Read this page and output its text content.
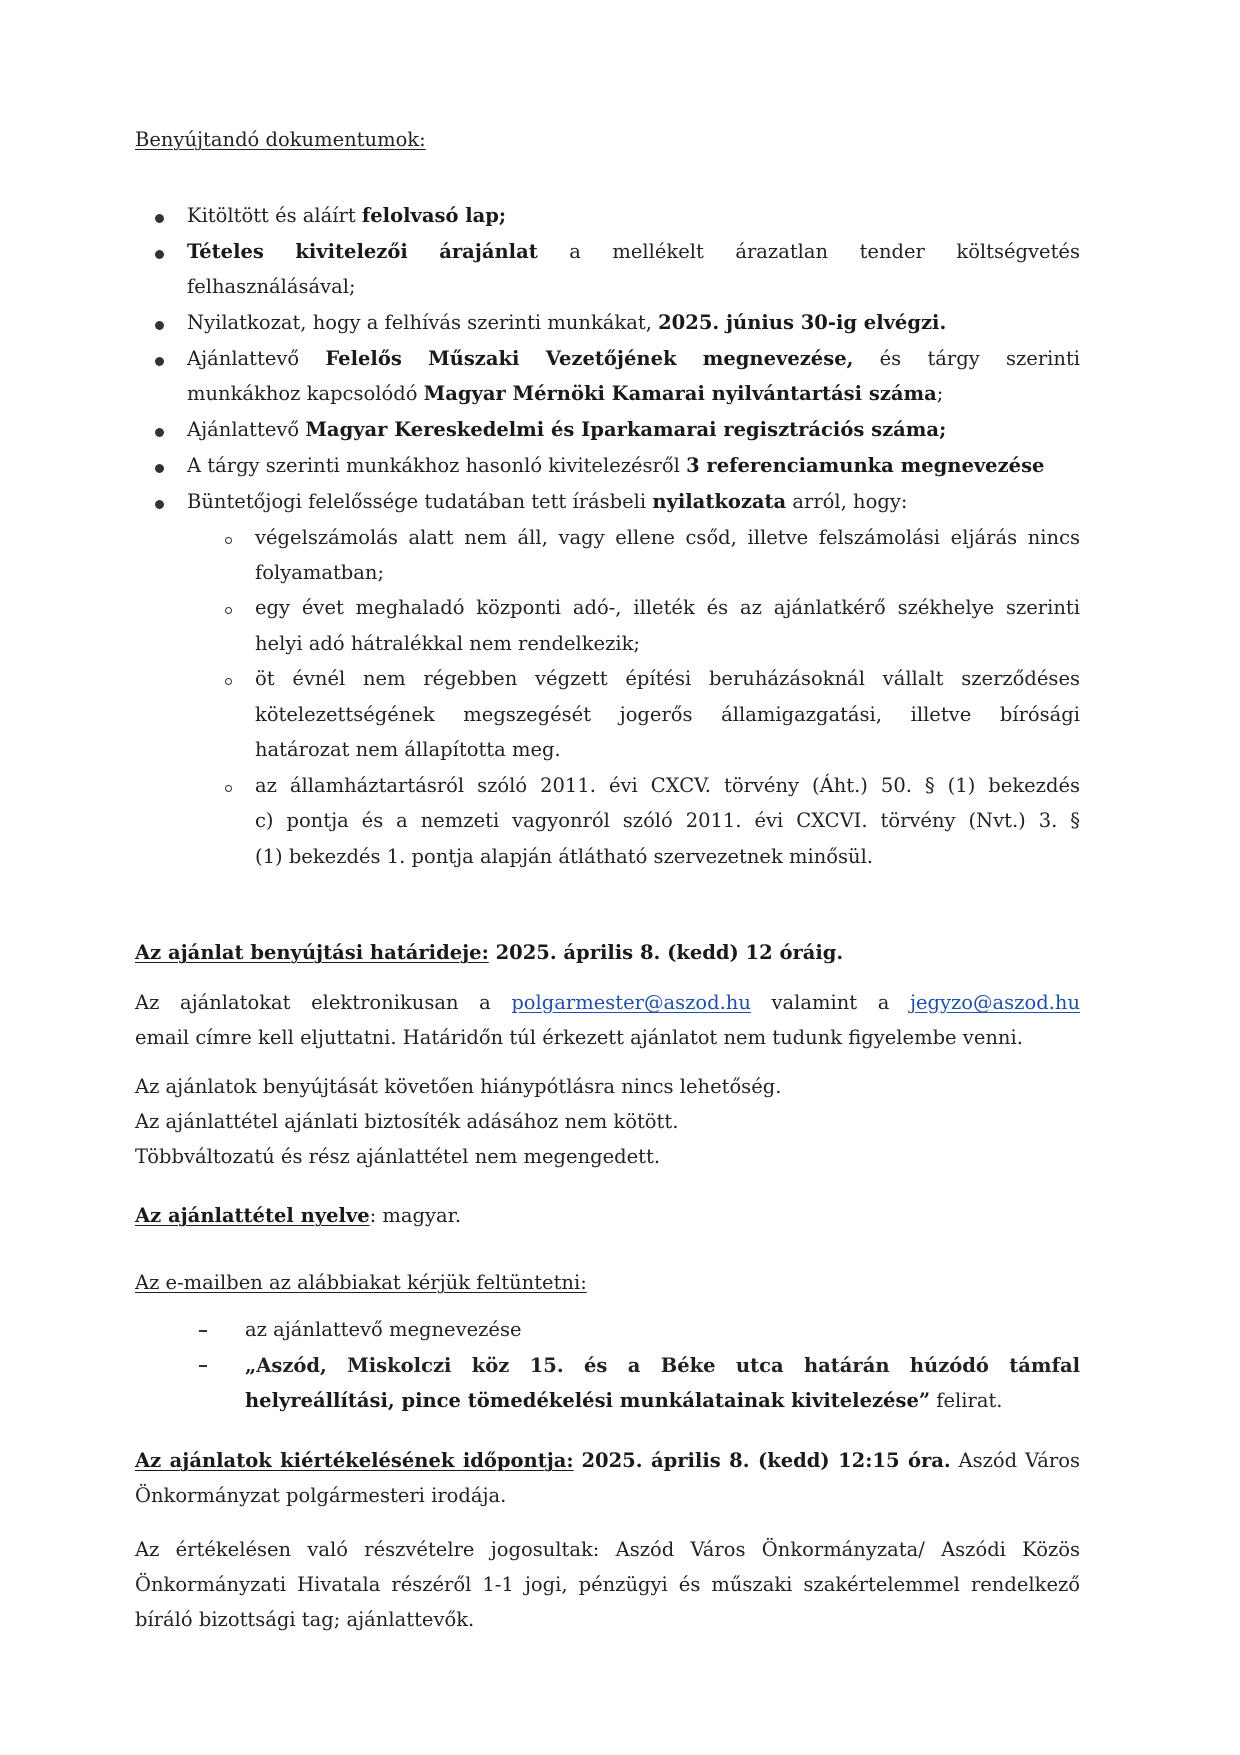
Benyújtandó dokumentumok:
Kitöltött és aláírt felolvasó lap;
Tételes kivitelezői árajánlat a mellékelt árazatlan tender költségvetés
felhasználásával;
Nyilatkozat, hogy a felhívás szerinti munkákat, 2025. június 30-ig elvégzi.
Ajánlattevő Felelős Műszaki Vezetőjének megnevezése, és tárgy szerinti
munkákhoz kapcsolódó Magyar Mérnöki Kamarai nyilvántartási száma;
Ajánlattevő Magyar Kereskedelmi és Iparkamarai regisztrációs száma;
A tárgy szerinti munkákhoz hasonló kivitelezésről 3 referenciamunka megnevezése
Büntetőjogi felelőssége tudatában tett írásbeli nyilatkozata arról, hogy:
végelszámolás alatt nem áll, vagy ellene csőd, illetve felszámolási eljárás nincs
folyamatban;
egy évet meghaladó központi adó-, illeték és az ajánlatkérő székhelye szerinti
helyi adó hátralékkal nem rendelkezik;
öt évnél nem régebben végzett építési beruházásoknál vállalt szerződéses
kötelezettségének megszegését jogerős államigazgatási, illetve bírósági
határozat nem állapította meg.
az államháztartásról szóló 2011. évi CXCV. törvény (Áht.) 50. § (1) bekezdés
c) pontja és a nemzeti vagyonról szóló 2011. évi CXCVI. törvény (Nvt.) 3. §
(1) bekezdés 1. pontja alapján átlátható szervezetnek minősül.
Az ajánlat benyújtási határideje: 2025. április 8. (kedd) 12 óráig.
Az ajánlatokat elektronikusan a polgarmester@aszod.hu valamint a jegyzo@aszod.hu
email címre kell eljuttatni. Határidőn túl érkezett ajánlatot nem tudunk figyelembe venni.
Az ajánlatok benyújtását követően hiánypótlásra nincs lehetőség.
Az ajánlattétel ajánlati biztosíték adásához nem kötött.
Többváltozatú és rész ajánlattétel nem megengedett.
Az ajánlattétel nyelve: magyar.
Az e-mailben az alábbiakat kérjük feltüntetni:
az ajánlattevő megnevezése
„Aszód, Miskolczi köz 15. és a Béke utca határán húzódó támfal
helyreállítási, pince tömedékelési munkálatainak kivitelezése” felirat.
Az ajánlatok kiértékelésének időpontja: 2025. április 8. (kedd) 12:15 óra. Aszód Város
Önkormányzat polgármesteri irodája.
Az értékelésen való részvételre jogosultak: Aszód Város Önkormányzata/ Aszódi Közös
Önkormányzati Hivatala részéről 1-1 jogi, pénzügyi és műszaki szakértelemmel rendelkező
bíráló bizottsági tag; ajánlattevők.
